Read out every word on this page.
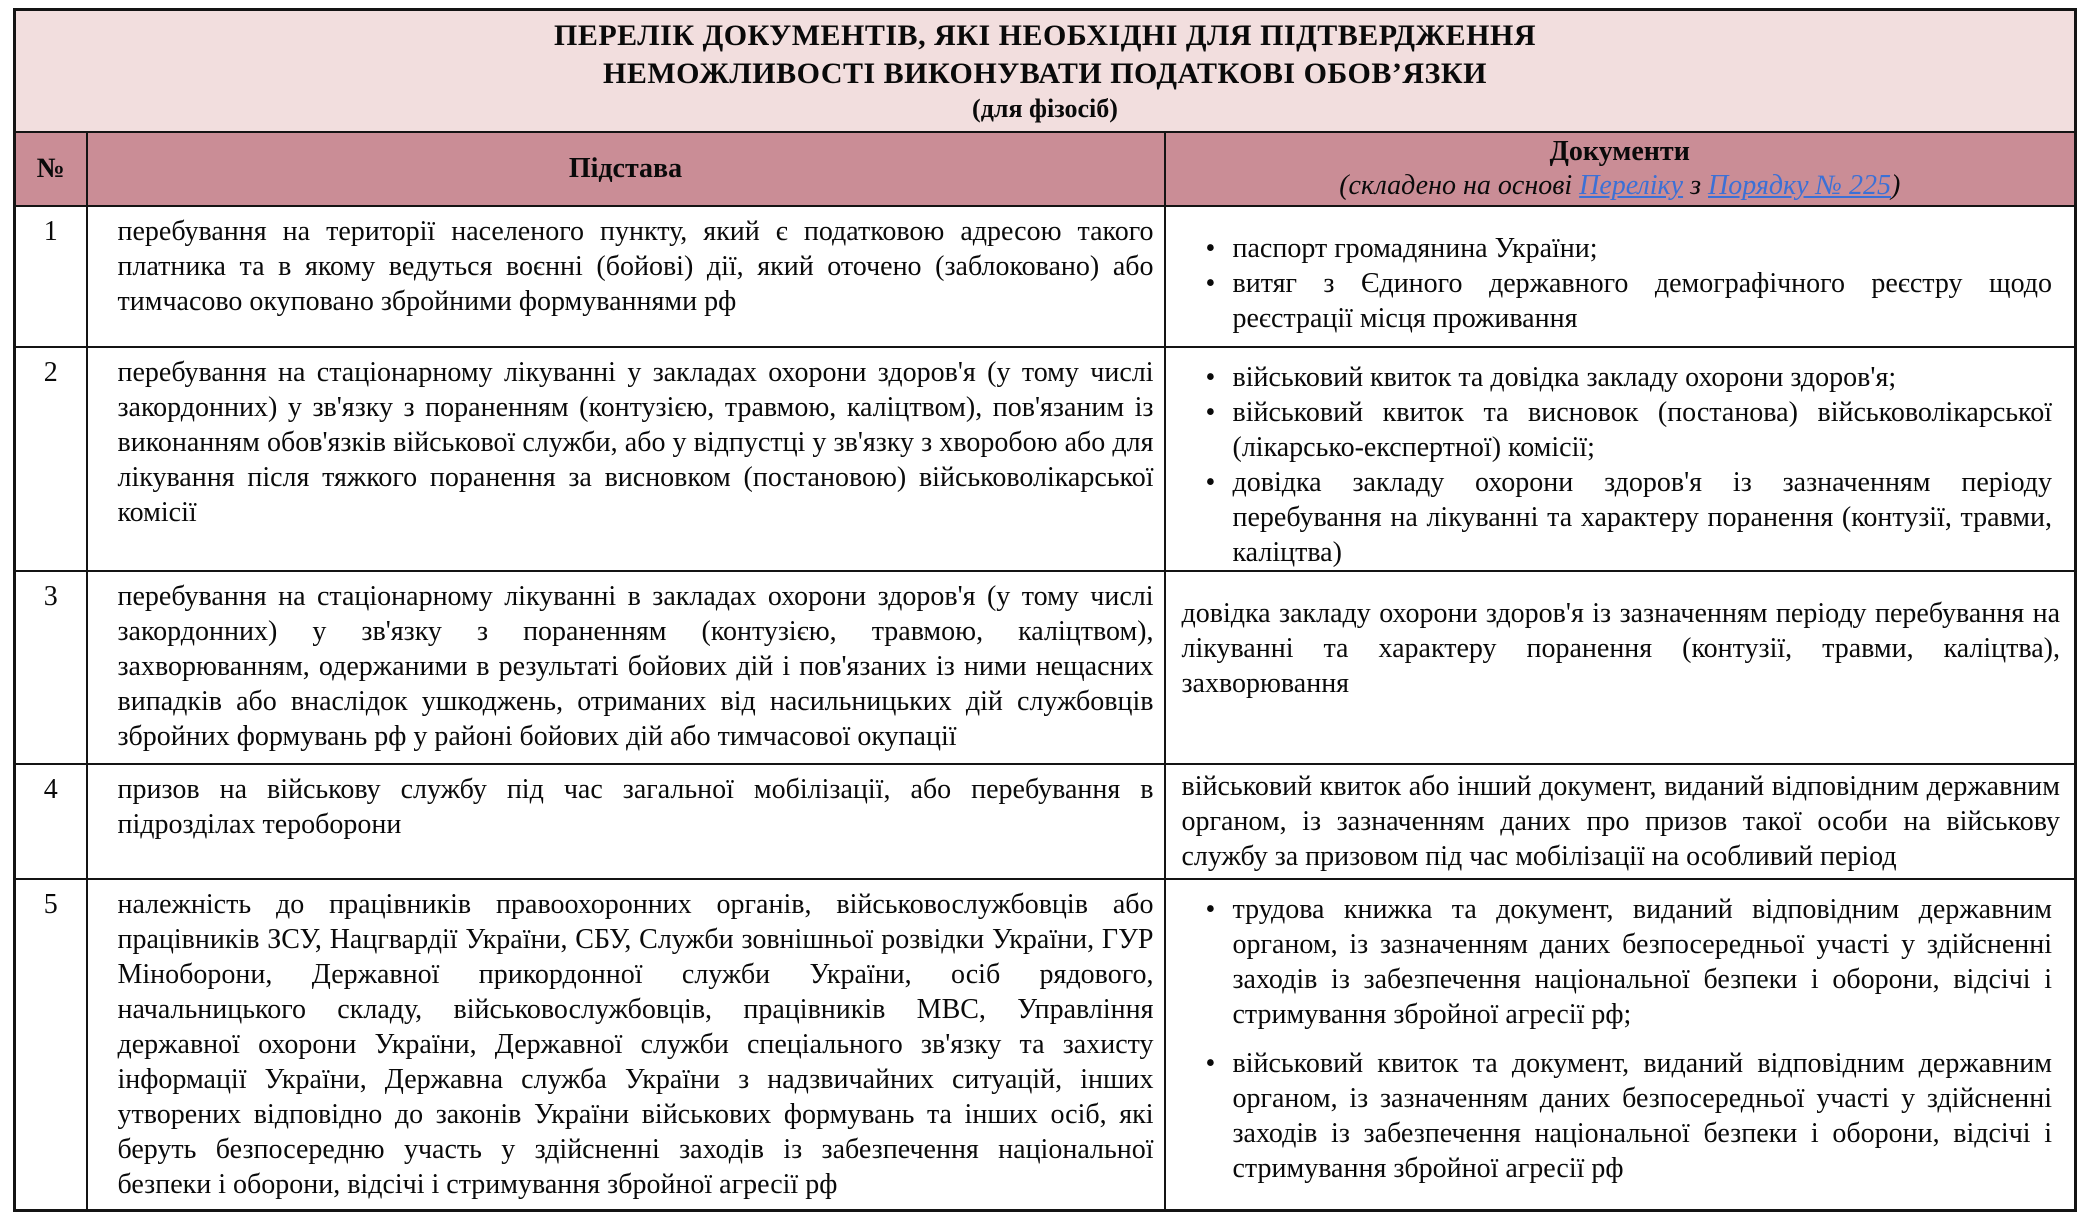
ПЕРЕЛІК ДОКУМЕНТІВ, ЯКІ НЕОБХІДНІ ДЛЯ ПІДТВЕРДЖЕННЯ
НЕМОЖЛИВОСТІ ВИКОНУВАТИ ПОДАТКОВІ ОБОВ’ЯЗКИ
(для фізосіб)		

№	Підстава	Документи
(складено на основі Переліку з Порядку № 225)

1	перебування на території населеного пункту, який є податковою адресою такого платника та в якому ведуться воєнні (бойові) дії, який оточено (заблоковано) або тимчасово окуповано збройними формуваннями рф	
• паспорт громадянина України;
• витяг з Єдиного державного демографічного реєстру щодо реєстрації місця проживання

2	перебування на стаціонарному лікуванні у закладах охорони здоров'я (у тому числі закордонних) у зв'язку з пораненням (контузією, травмою, каліцтвом), пов'язаним із виконанням обов'язків військової служби, або у відпустці у зв'язку з хворобою або для лікування після тяжкого поранення за висновком (постановою) військоволікарської комісії	
• військовий квиток та довідка закладу охорони здоров'я;
• військовий квиток та висновок (постанова) військоволікарської (лікарсько-експертної) комісії;
• довідка закладу охорони здоров'я із зазначенням періоду перебування на лікуванні та характеру поранення (контузії, травми, каліцтва)

3	перебування на стаціонарному лікуванні в закладах охорони здоров'я (у тому числі закордонних) у зв'язку з пораненням (контузією, травмою, каліцтвом), захворюванням, одержаними в результаті бойових дій і пов'язаних із ними нещасних випадків або внаслідок ушкоджень, отриманих від насильницьких дій службовців збройних формувань рф у районі бойових дій або тимчасової окупації	довідка закладу охорони здоров'я із зазначенням періоду перебування на лікуванні та характеру поранення (контузії, травми, каліцтва), захворювання

4	призов на військову службу під час загальної мобілізації, або перебування в підрозділах тероборони	військовий квиток або інший документ, виданий відповідним державним органом, із зазначенням даних про призов такої особи на військову службу за призовом під час мобілізації на особливий період

5	належність до працівників правоохоронних органів, військовослужбовців або працівників ЗСУ, Нацгвардії України, СБУ, Служби зовнішньої розвідки України, ГУР Міноборони, Державної прикордонної служби України, осіб рядового, начальницького складу, військовослужбовців, працівників МВС, Управління державної охорони України, Державної служби спеціального зв'язку та захисту інформації України, Державна служба України з надзвичайних ситуацій, інших утворених відповідно до законів України військових формувань та інших осіб, які беруть безпосередню участь у здійсненні заходів із забезпечення національної безпеки і оборони, відсічі і стримування збройної агресії рф	
• трудова книжка та документ, виданий відповідним державним органом, із зазначенням даних безпосередньої участі у здійсненні заходів із забезпечення національної безпеки і оборони, відсічі і стримування збройної агресії рф;
• військовий квиток та документ, виданий відповідним державним органом, із зазначенням даних безпосередньої участі у здійсненні заходів із забезпечення національної безпеки і оборони, відсічі і стримування збройної агресії рф
